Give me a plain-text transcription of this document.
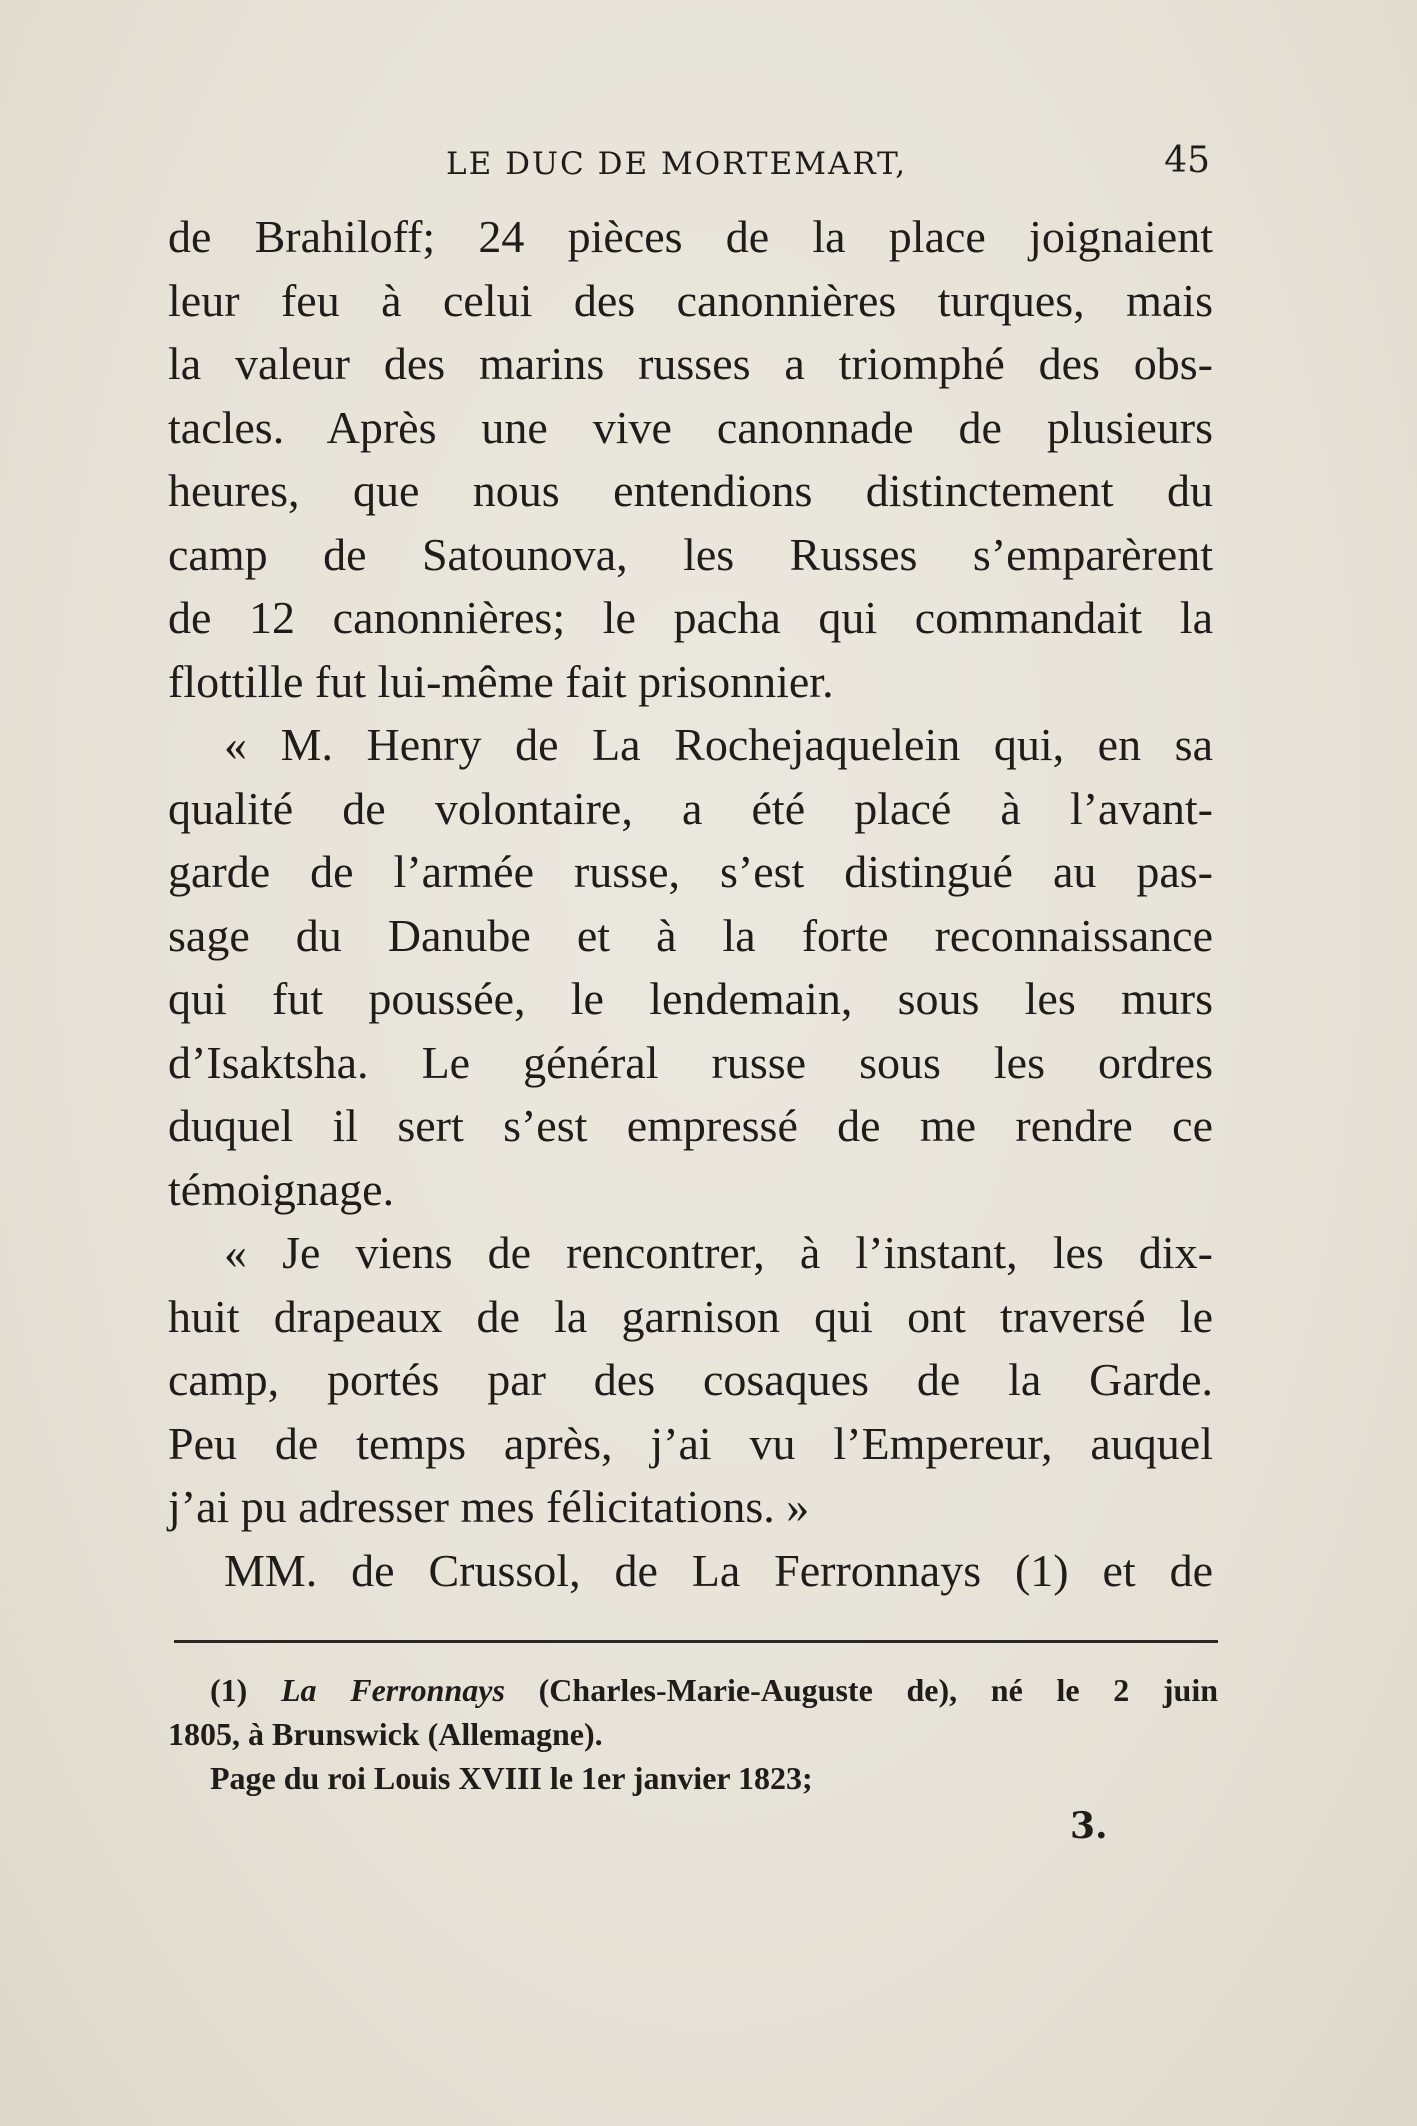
LE DUC DE MORTEMART,	45
de Brahiloff; 24 pièces de la place joignaient
leur feu à celui des canonnières turques, mais
la valeur des marins russes a triomphé des obs-
tacles. Après une vive canonnade de plusieurs
heures, que nous entendions distinctement du
camp de Satounova, les Russes s’emparèrent
de 12 canonnières; le pacha qui commandait la
flottille fut lui-même fait prisonnier.
« M. Henry de La Rochejaquelein qui, en sa
qualité de volontaire, a été placé à l’avant-
garde de l’armée russe, s’est distingué au pas-
sage du Danube et à la forte reconnaissance
qui fut poussée, le lendemain, sous les murs
d’Isaktsha. Le général russe sous les ordres
duquel il sert s’est empressé de me rendre ce
témoignage.
« Je viens de rencontrer, à l’instant, les dix-
huit drapeaux de la garnison qui ont traversé le
camp, portés par des cosaques de la Garde.
Peu de temps après, j’ai vu l’Empereur, auquel
j’ai pu adresser mes félicitations. »
MM. de Crussol, de La Ferronnays (1) et de
(1) La Ferronnays (Charles-Marie-Auguste de), né le 2 juin
1805, à Brunswick (Allemagne).
Page du roi Louis XVIII le 1er janvier 1823;
3.
